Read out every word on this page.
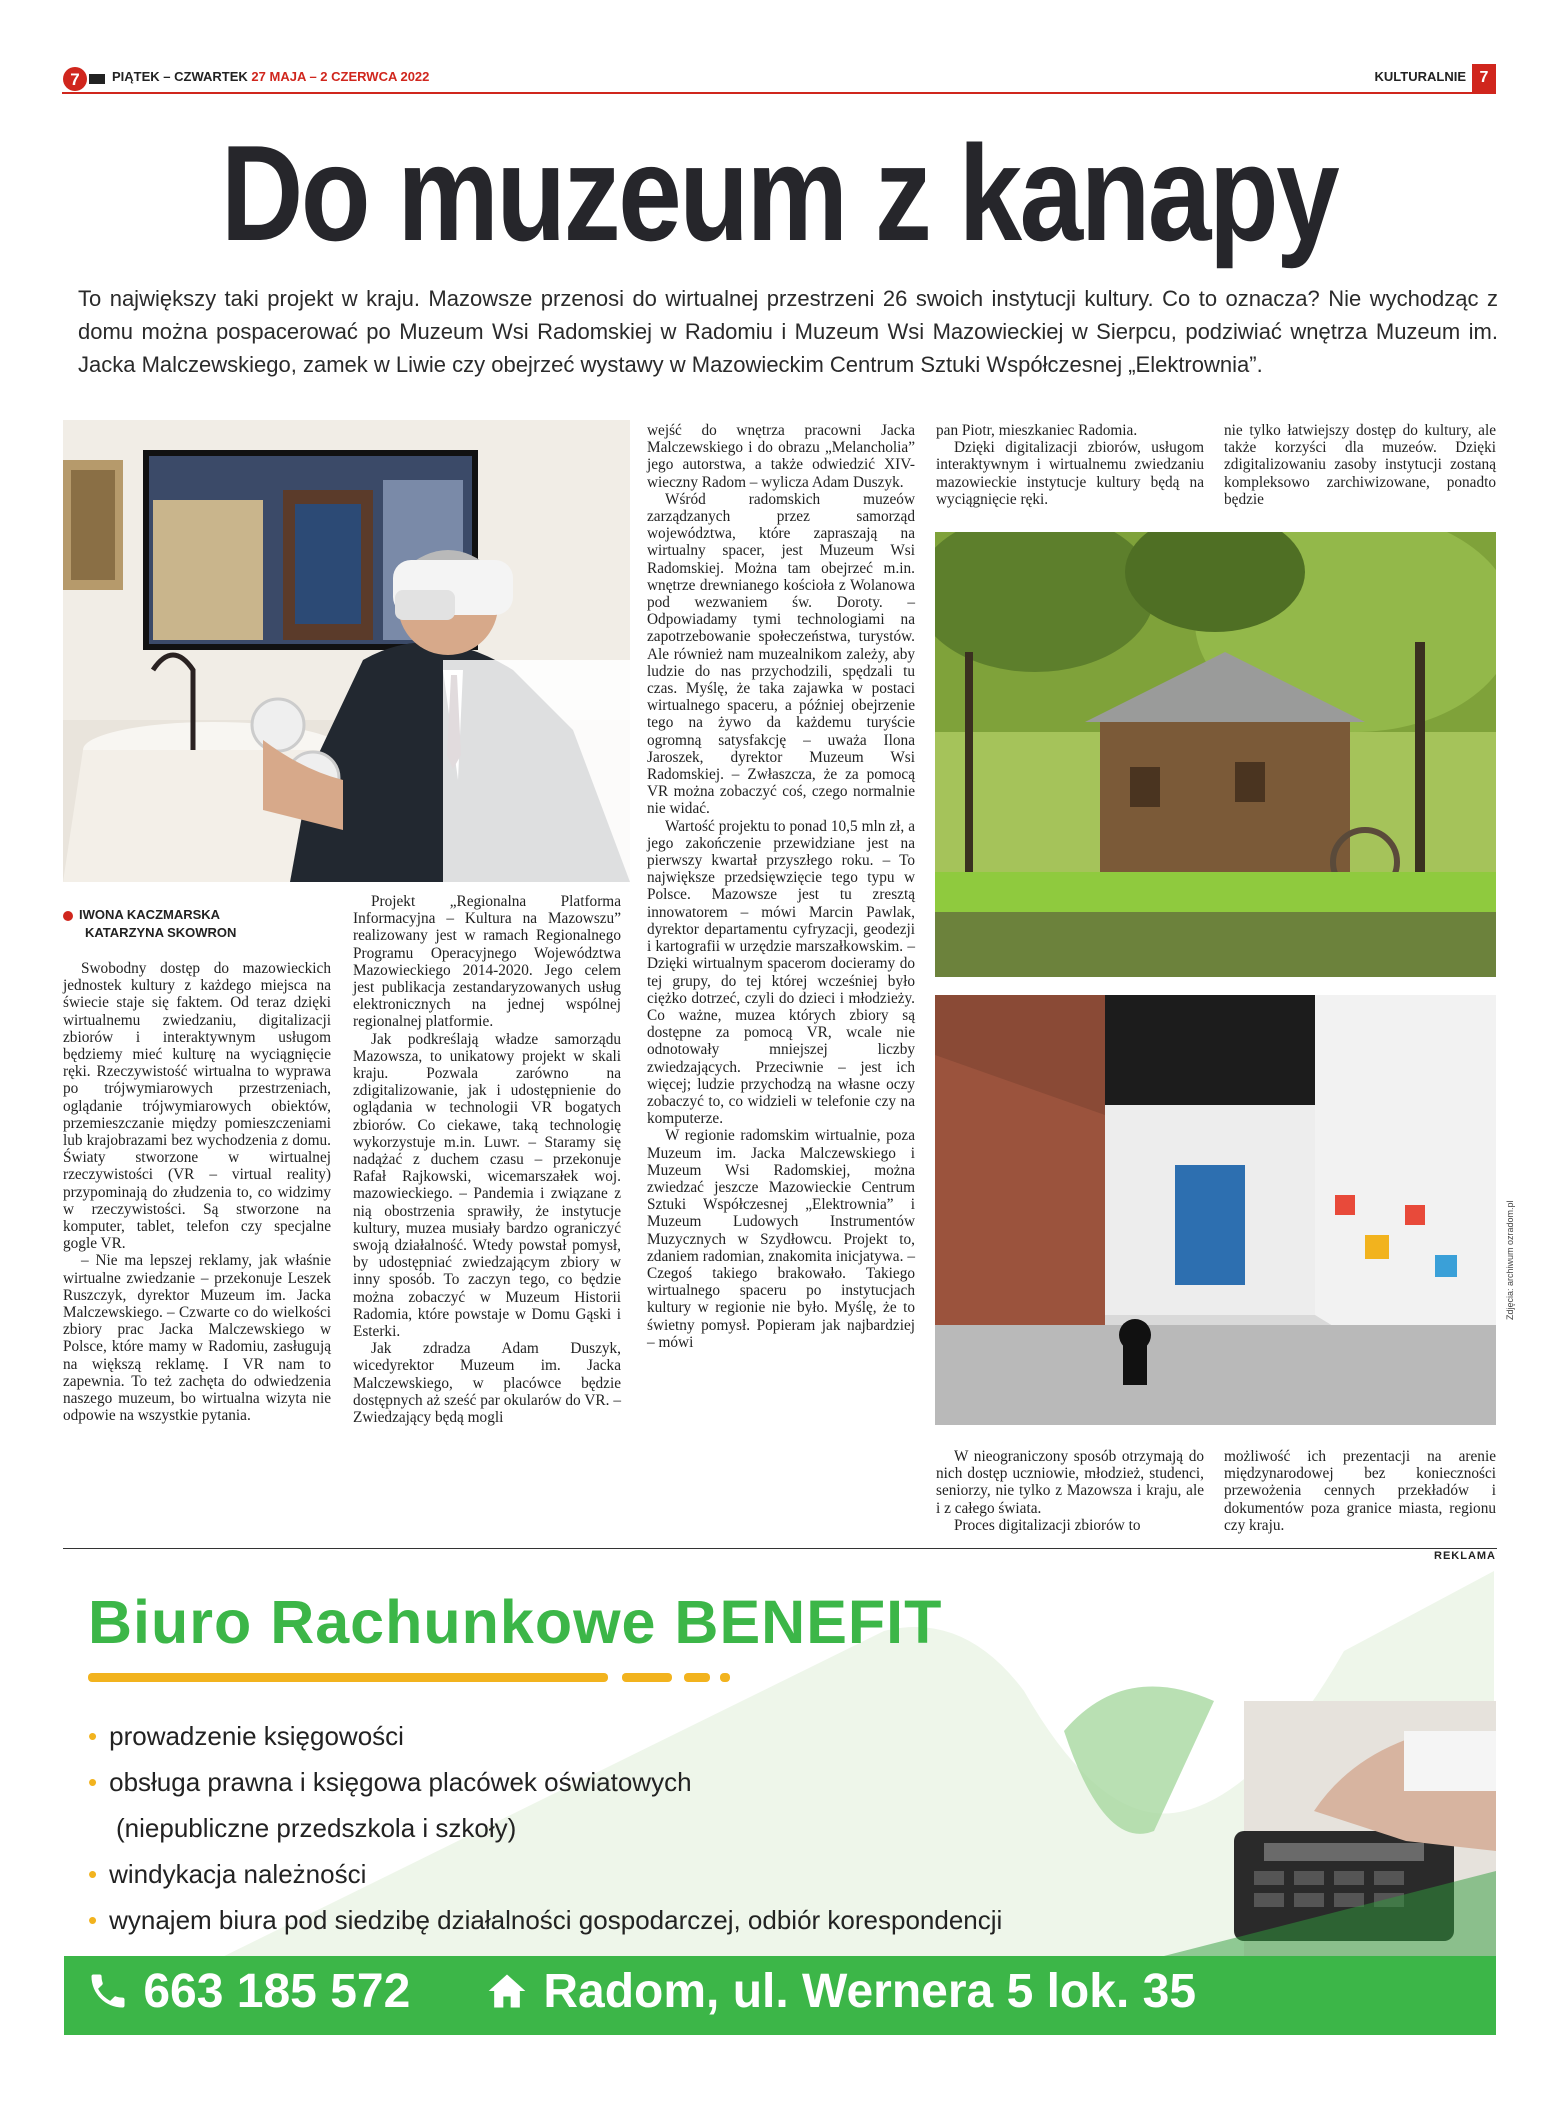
7 PIĄTEK – CZWARTEK 27 MAJA – 2 CZERWCA 2022	KULTURALNIE 7
Do muzeum z kanapy
To największy taki projekt w kraju. Mazowsze przenosi do wirtualnej przestrzeni 26 swoich instytucji kultury. Co to oznacza? Nie wychodząc z domu można pospacerować po Muzeum Wsi Radomskiej w Radomiu i Muzeum Wsi Mazowieckiej w Sierpcu, podziwiać wnętrza Muzeum im. Jacka Malczewskiego, zamek w Liwie czy obejrzeć wystawy w Mazowieckim Centrum Sztuki Współczesnej „Elektrownia”.
IWONA KACZMARSKA
KATARZYNA SKOWRON

Swobodny dostęp do mazowieckich jednostek kultury z każdego miejsca na świecie staje się faktem. Od teraz dzięki wirtualnemu zwiedzaniu, digitalizacji zbiorów i interaktywnym usługom będziemy mieć kulturę na wyciągnięcie ręki. Rzeczywistość wirtualna to wyprawa po trójwymiarowych przestrzeniach, oglądanie trójwymiarowych obiektów, przemieszczanie między pomieszczeniami lub krajobrazami bez wychodzenia z domu. Światy stworzone w wirtualnej rzeczywistości (VR – virtual reality) przypominają do złudzenia to, co widzimy w rzeczywistości. Są stworzone na komputer, tablet, telefon czy specjalne gogle VR.

– Nie ma lepszej reklamy, jak właśnie wirtualne zwiedzanie – przekonuje Leszek Ruszczyk, dyrektor Muzeum im. Jacka Malczewskiego. – Czwarte co do wielkości zbiory prac Jacka Malczewskiego w Polsce, które mamy w Radomiu, zasługują na większą reklamę. I VR nam to zapewnia. To też zachęta do odwiedzenia naszego muzeum, bo wirtualna wizyta nie odpowie na wszystkie pytania.

Projekt „Regionalna Platforma Informacyjna – Kultura na Mazowszu” realizowany jest w ramach Regionalnego Programu Operacyjnego Województwa Mazowieckiego 2014-2020. Jego celem jest publikacja zestandaryzowanych usług elektronicznych na jednej wspólnej regionalnej platformie.

Jak podkreślają władze samorządu Mazowsza, to unikatowy projekt w skali kraju. Pozwala zarówno na zdigitalizowanie, jak i udostępnienie do oglądania w technologii VR bogatych zbiorów. Co ciekawe, taką technologię wykorzystuje m.in. Luwr. – Staramy się nadążać z duchem czasu – przekonuje Rafał Rajkowski, wicemarszałek woj. mazowieckiego. – Pandemia i związane z nią obostrzenia sprawiły, że instytucje kultury, muzea musiały bardzo ograniczyć swoją działalność. Wtedy powstał pomysł, by udostępniać zwiedzającym zbiory w inny sposób. To zaczyn tego, co będzie można zobaczyć w Muzeum Historii Radomia, które powstaje w Domu Gąski i Esterki.

Jak zdradza Adam Duszyk, wicedyrektor Muzeum im. Jacka Malczewskiego, w placówce będzie dostępnych aż sześć par okularów do VR. – Zwiedzający będą mogli

wejść do wnętrza pracowni Jacka Malczewskiego i do obrazu „Melancholia” jego autorstwa, a także odwiedzić XIV-wieczny Radom – wylicza Adam Duszyk.

Wśród radomskich muzeów zarządzanych przez samorząd województwa, które zapraszają na wirtualny spacer, jest Muzeum Wsi Radomskiej. Można tam obejrzeć m.in. wnętrze drewnianego kościoła z Wolanowa pod wezwaniem św. Doroty. – Odpowiadamy tymi technologiami na zapotrzebowanie społeczeństwa, turystów. Ale również nam muzealnikom zależy, aby ludzie do nas przychodzili, spędzali tu czas. Myślę, że taka zajawka w postaci wirtualnego spaceru, a później obejrzenie tego na żywo da każdemu turyście ogromną satysfakcję – uważa Ilona Jaroszek, dyrektor Muzeum Wsi Radomskiej. – Zwłaszcza, że za pomocą VR można zobaczyć coś, czego normalnie nie widać.

Wartość projektu to ponad 10,5 mln zł, a jego zakończenie przewidziane jest na pierwszy kwartał przyszłego roku. – To największe przedsięwzięcie tego typu w Polsce. Mazowsze jest tu zresztą innowatorem – mówi Marcin Pawlak, dyrektor departamentu cyfryzacji, geodezji i kartografii w urzędzie marszałkowskim. – Dzięki wirtualnym spacerom docieramy do tej grupy, do tej której wcześniej było ciężko dotrzeć, czyli do dzieci i młodzieży. Co ważne, muzea których zbiory są dostępne za pomocą VR, wcale nie odnotowały mniejszej liczby zwiedzających. Przeciwnie – jest ich więcej; ludzie przychodzą na własne oczy zobaczyć to, co widzieli w telefonie czy na komputerze.

W regionie radomskim wirtualnie, poza Muzeum im. Jacka Malczewskiego i Muzeum Wsi Radomskiej, można zwiedzać jeszcze Mazowieckie Centrum Sztuki Współczesnej „Elektrownia” i Muzeum Ludowych Instrumentów Muzycznych w Szydłowcu. Projekt to, zdaniem radomian, znakomita inicjatywa. – Czegoś takiego brakowało. Takiego wirtualnego spaceru po instytucjach kultury w regionie nie było. Myślę, że to świetny pomysł. Popieram jak najbardziej – mówi

pan Piotr, mieszkaniec Radomia.

Dzięki digitalizacji zbiorów, usługom interaktywnym i wirtualnemu zwiedzaniu mazowieckie instytucje kultury będą na wyciągnięcie ręki.

nie tylko łatwiejszy dostęp do kultury, ale także korzyści dla muzeów. Dzięki zdigitalizowaniu zasoby instytucji zostaną kompleksowo zarchiwizowane, ponadto będzie

Zdjęcia: archiwum ozradom.pl

W nieograniczony sposób otrzymają do nich dostęp uczniowie, młodzież, studenci, seniorzy, nie tylko z Mazowsza i kraju, ale i z całego świata.

Proces digitalizacji zbiorów to

możliwość ich prezentacji na arenie międzynarodowej bez konieczności przewożenia cennych przekładów i dokumentów poza granice miasta, regionu czy kraju.

REKLAMA
Biuro Rachunkowe BENEFIT
• prowadzenie księgowości
• obsługa prawna i księgowa placówek oświatowych
(niepubliczne przedszkola i szkoły)
• windykacja należności
• wynajem biura pod siedzibę działalności gospodarczej, odbiór korespondencji
663 185 572	Radom, ul. Wernera 5 lok. 35
